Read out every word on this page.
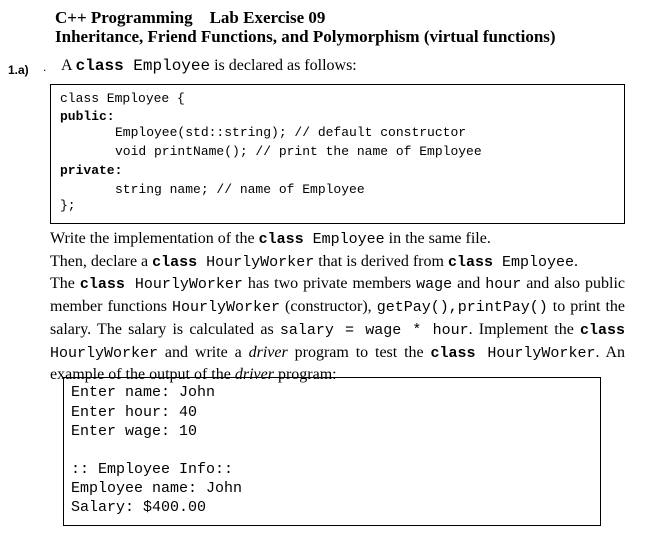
C++ Programming Lab Exercise 09
Inheritance, Friend Functions, and Polymorphism (virtual functions)
1.a) . A class Employee is declared as follows:
class Employee {
public:
Employee(std::string); // default constructor
void printName(); // print the name of Employee
private:
string name; // name of Employee
};
Write the implementation of the class Employee in the same file.
Then, declare a class HourlyWorker that is derived from class Employee.
The class HourlyWorker has two private members wage and hour and also public member functions HourlyWorker (constructor), getPay(),printPay() to print the salary. The salary is calculated as salary = wage * hour. Implement the class HourlyWorker and write a driver program to test the class HourlyWorker. An example of the output of the driver program:
Enter name: John
Enter hour: 40
Enter wage: 10
:: Employee Info::
Employee name: John
Salary: $400.00
